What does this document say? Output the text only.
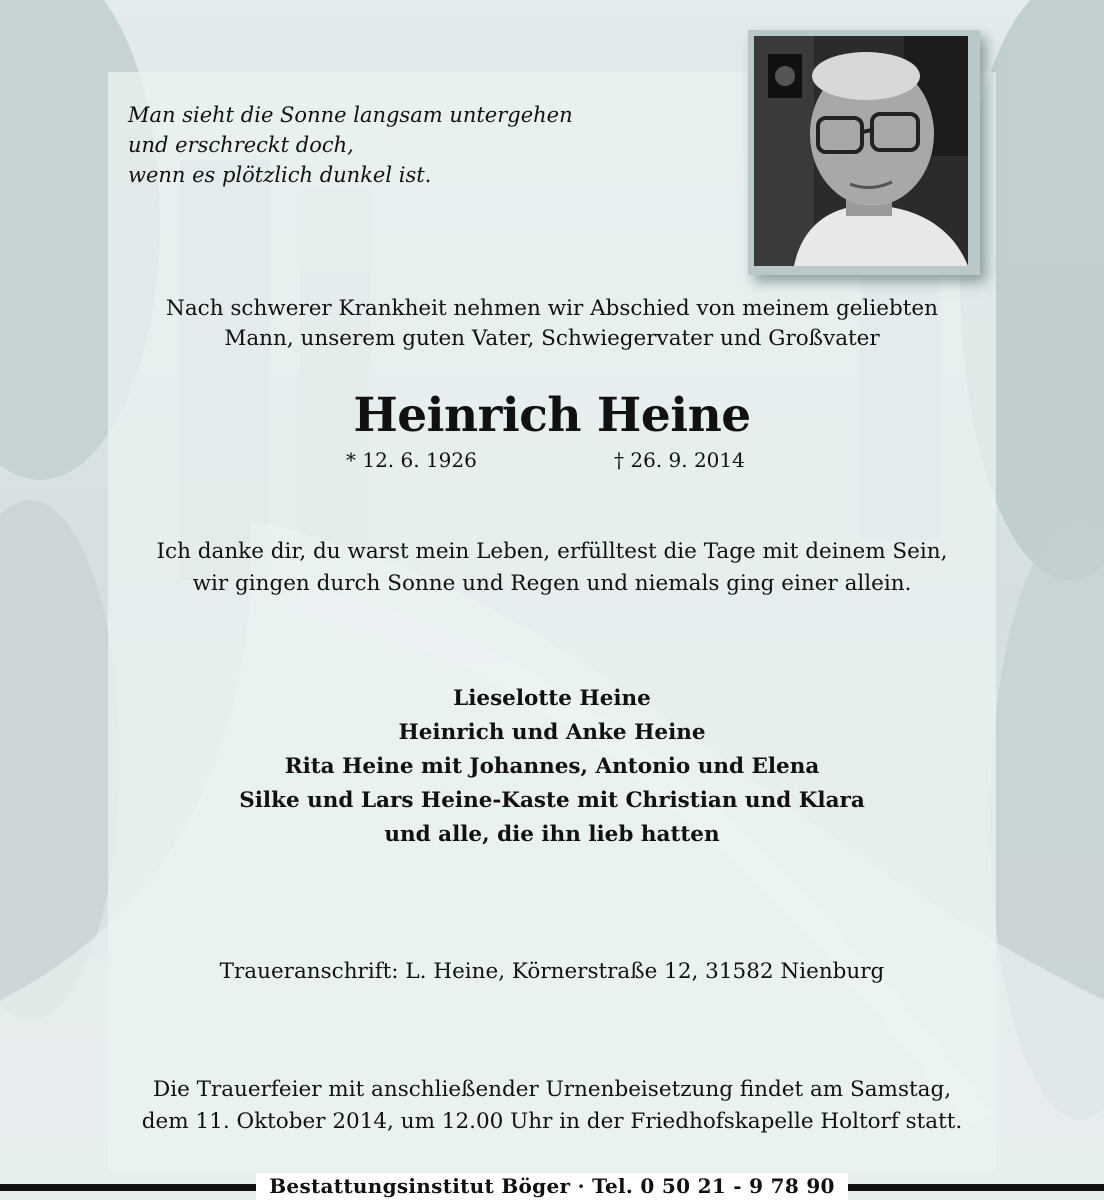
Man sieht die Sonne langsam untergehen
und erschreckt doch,
wenn es plötzlich dunkel ist.
Nach schwerer Krankheit nehmen wir Abschied von meinem geliebten
Mann, unserem guten Vater, Schwiegervater und Großvater
Heinrich Heine
* 12. 6. 1926	† 26. 9. 2014
Ich danke dir, du warst mein Leben, erfülltest die Tage mit deinem Sein,
wir gingen durch Sonne und Regen und niemals ging einer allein.
Lieselotte Heine
Heinrich und Anke Heine
Rita Heine mit Johannes, Antonio und Elena
Silke und Lars Heine-Kaste mit Christian und Klara
und alle, die ihn lieb hatten
Traueranschrift: L. Heine, Körnerstraße 12, 31582 Nienburg
Die Trauerfeier mit anschließender Urnenbeisetzung findet am Samstag,
dem 11. Oktober 2014, um 12.00 Uhr in der Friedhofskapelle Holtorf statt.
Bestattungsinstitut Böger · Tel. 0 50 21 - 9 78 90
